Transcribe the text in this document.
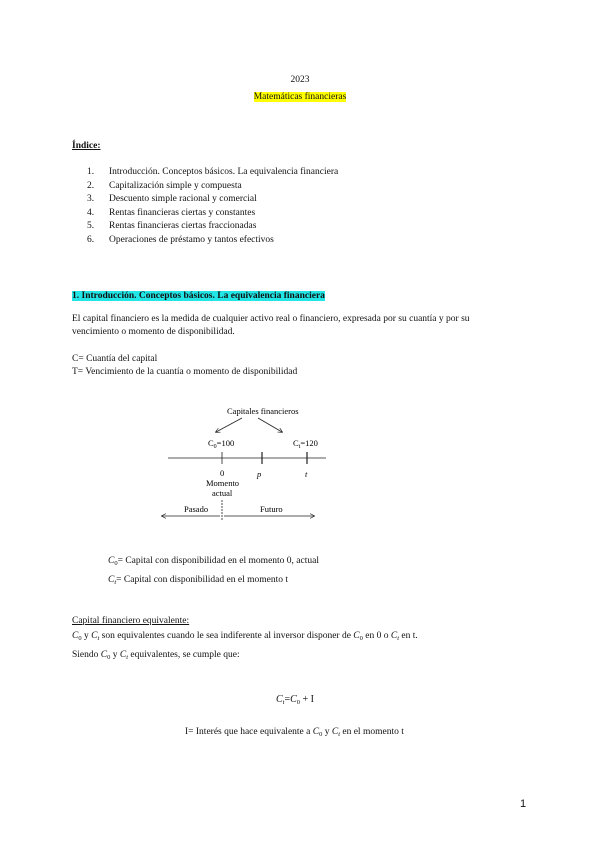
2023
Matemáticas financieras
Índice:
1. Introducción. Conceptos básicos. La equivalencia financiera
2. Capitalización simple y compuesta
3. Descuento simple racional y comercial
4. Rentas financieras ciertas y constantes
5. Rentas financieras ciertas fraccionadas
6. Operaciones de préstamo y tantos efectivos
1. Introducción. Conceptos básicos. La equivalencia financiera
El capital financiero es la medida de cualquier activo real o financiero, expresada por su cuantía y por su
vencimiento o momento de disponibilidad.
C= Cuantía del capital
T= Vencimiento de la cuantía o momento de disponibilidad
Capitales financieros
$C_0=100$	$C_t=120$
0	p	t
Momento
actual
Pasado	Futuro
$C_0=$ Capital con disponibilidad en el momento 0, actual
$C_t=$ Capital con disponibilidad en el momento t
Capital financiero equivalente:
$C_0$ y $C_t$ son equivalentes cuando le sea indiferente al inversor disponer de $C_0$ en 0 o $C_t$ en t.
Siendo $C_0$ y $C_t$ equivalentes, se cumple que:
$C_t=C_0 + I$
I= Interés que hace equivalente a $C_0$ y $C_t$ en el momento t
1
